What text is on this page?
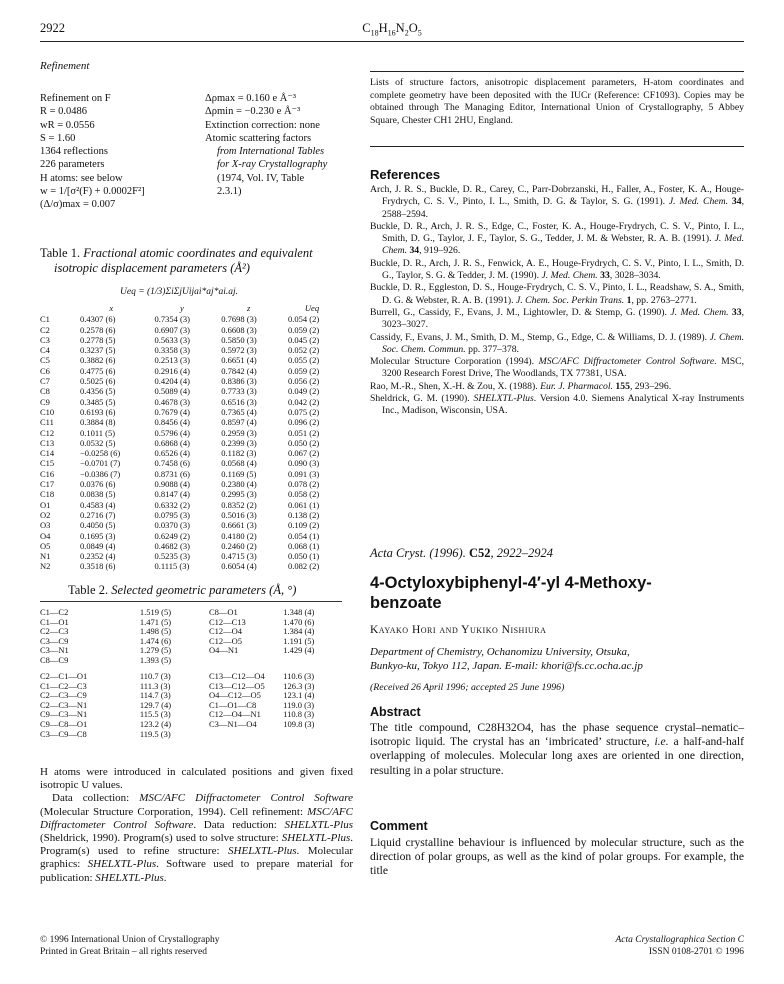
2922	$C_{18}H_{16}N_2O_5$
Refinement
Refinement on F
R = 0.0486
wR = 0.0556
S = 1.60
1364 reflections
226 parameters
H atoms: see below
w = 1/[σ²(F) + 0.0002F²]
(Δ/σ)max = 0.007
Δρmax = 0.160 e Å⁻³
Δρmin = −0.230 e Å⁻³
Extinction correction: none
Atomic scattering factors
from International Tables
for X-ray Crystallography
(1974, Vol. IV, Table
2.3.1)
Table 1. Fractional atomic coordinates and equivalent
isotropic displacement parameters (Å²)
Ueq = (1/3)ΣiΣjUijai*aj*ai.aj.
	x	y	z	Ueq
C1	0.4307 (6)	0.7354 (3)	0.7698 (3)	0.054 (2)
C2	0.2578 (6)	0.6907 (3)	0.6608 (3)	0.059 (2)
C3	0.2778 (5)	0.5633 (3)	0.5850 (3)	0.045 (2)
C4	0.3237 (5)	0.3358 (3)	0.5972 (3)	0.052 (2)
C5	0.3882 (6)	0.2513 (3)	0.6651 (4)	0.055 (2)
C6	0.4775 (6)	0.2916 (4)	0.7842 (4)	0.059 (2)
C7	0.5025 (6)	0.4204 (4)	0.8386 (3)	0.056 (2)
C8	0.4356 (5)	0.5089 (4)	0.7733 (3)	0.049 (2)
C9	0.3485 (5)	0.4678 (3)	0.6516 (3)	0.042 (2)
C10	0.6193 (6)	0.7679 (4)	0.7365 (4)	0.075 (2)
C11	0.3884 (8)	0.8456 (4)	0.8597 (4)	0.096 (2)
C12	0.1011 (5)	0.5796 (4)	0.2959 (3)	0.051 (2)
C13	0.0532 (5)	0.6868 (4)	0.2399 (3)	0.050 (2)
C14	−0.0258 (6)	0.6526 (4)	0.1182 (3)	0.067 (2)
C15	−0.0701 (7)	0.7458 (6)	0.0568 (4)	0.090 (3)
C16	−0.0386 (7)	0.8731 (6)	0.1169 (5)	0.091 (3)
C17	0.0376 (6)	0.9088 (4)	0.2380 (4)	0.078 (2)
C18	0.0838 (5)	0.8147 (4)	0.2995 (3)	0.058 (2)
O1	0.4583 (4)	0.6332 (2)	0.8352 (2)	0.061 (1)
O2	0.2716 (7)	0.0795 (3)	0.5016 (3)	0.138 (2)
O3	0.4050 (5)	0.0370 (3)	0.6661 (3)	0.109 (2)
O4	0.1695 (3)	0.6249 (2)	0.4180 (2)	0.054 (1)
O5	0.0849 (4)	0.4682 (3)	0.2460 (2)	0.068 (1)
N1	0.2352 (4)	0.5235 (3)	0.4715 (3)	0.050 (1)
N2	0.3518 (6)	0.1115 (3)	0.6054 (4)	0.082 (2)
Table 2. Selected geometric parameters (Å, °)
C1—C2	1.519 (5)	C8—O1	1.348 (4)
C1—O1	1.471 (5)	C12—C13	1.470 (6)
C2—C3	1.498 (5)	C12—O4	1.384 (4)
C3—C9	1.474 (6)	C12—O5	1.191 (5)
C3—N1	1.279 (5)	O4—N1	1.429 (4)
C8—C9	1.393 (5)		
C2—C1—O1	110.7 (3)	C13—C12—O4	110.6 (3)
C1—C2—C3	111.3 (3)	C13—C12—O5	126.3 (3)
C2—C3—C9	114.7 (3)	O4—C12—O5	123.1 (4)
C2—C3—N1	129.7 (4)	C1—O1—C8	119.0 (3)
C9—C3—N1	115.5 (3)	C12—O4—N1	110.8 (3)
C9—C8—O1	123.2 (4)	C3—N1—O4	109.8 (3)
C3—C9—C8	119.5 (3)		

H atoms were introduced in calculated positions and given fixed isotropic U values.

Data collection: MSC/AFC Diffractometer Control Software (Molecular Structure Corporation, 1994). Cell refinement: MSC/AFC Diffractometer Control Software. Data reduction: SHELXTL-Plus (Sheldrick, 1990). Program(s) used to solve structure: SHELXTL-Plus. Program(s) used to refine structure: SHELXTL-Plus. Molecular graphics: SHELXTL-Plus. Software used to prepare material for publication: SHELXTL-Plus.

Lists of structure factors, anisotropic displacement parameters, H-atom coordinates and complete geometry have been deposited with the IUCr (Reference: CF1093). Copies may be obtained through The Managing Editor, International Union of Crystallography, 5 Abbey Square, Chester CH1 2HU, England.
References

Arch, J. R. S., Buckle, D. R., Carey, C., Parr-Dobrzanski, H., Faller, A., Foster, K. A., Houge-Frydrych, C. S. V., Pinto, I. L., Smith, D. G. & Taylor, S. G. (1991). J. Med. Chem. 34, 2588–2594.

Buckle, D. R., Arch, J. R. S., Edge, C., Foster, K. A., Houge-Frydrych, C. S. V., Pinto, I. L., Smith, D. G., Taylor, J. F., Taylor, S. G., Tedder, J. M. & Webster, R. A. B. (1991). J. Med. Chem. 34, 919–926.

Buckle, D. R., Arch, J. R. S., Fenwick, A. E., Houge-Frydrych, C. S. V., Pinto, I. L., Smith, D. G., Taylor, S. G. & Tedder, J. M. (1990). J. Med. Chem. 33, 3028–3034.

Buckle, D. R., Eggleston, D. S., Houge-Frydrych, C. S. V., Pinto, I. L., Readshaw, S. A., Smith, D. G. & Webster, R. A. B. (1991). J. Chem. Soc. Perkin Trans. 1, pp. 2763–2771.

Burrell, G., Cassidy, F., Evans, J. M., Lightowler, D. & Stemp, G. (1990). J. Med. Chem. 33, 3023–3027.

Cassidy, F., Evans, J. M., Smith, D. M., Stemp, G., Edge, C. & Williams, D. J. (1989). J. Chem. Soc. Chem. Commun. pp. 377–378.

Molecular Structure Corporation (1994). MSC/AFC Diffractometer Control Software. MSC, 3200 Research Forest Drive, The Woodlands, TX 77381, USA.

Rao, M.-R., Shen, X.-H. & Zou, X. (1988). Eur. J. Pharmacol. 155, 293–296.

Sheldrick, G. M. (1990). SHELXTL-Plus. Version 4.0. Siemens Analytical X-ray Instruments Inc., Madison, Wisconsin, USA.

Acta Cryst. (1996). C52, 2922–2924
4-Octyloxybiphenyl-4′-yl 4-Methoxy-
benzoate
Kayako Hori and Yukiko Nishiura
Department of Chemistry, Ochanomizu University, Otsuka,
Bunkyo-ku, Tokyo 112, Japan. E-mail: khori@fs.cc.ocha.ac.jp
(Received 26 April 1996; accepted 25 June 1996)
Abstract
The title compound, C28H32O4, has the phase sequence crystal–nematic–isotropic liquid. The crystal has an ‘imbricated’ structure, i.e. a half-and-half overlapping of molecules. Molecular long axes are oriented in one direction, resulting in a polar structure.
Comment
Liquid crystalline behaviour is influenced by molecular structure, such as the direction of polar groups, as well as the kind of polar groups. For example, the title
© 1996 International Union of Crystallography
Printed in Great Britain – all rights reserved
Acta Crystallographica Section C
ISSN 0108-2701 © 1996
